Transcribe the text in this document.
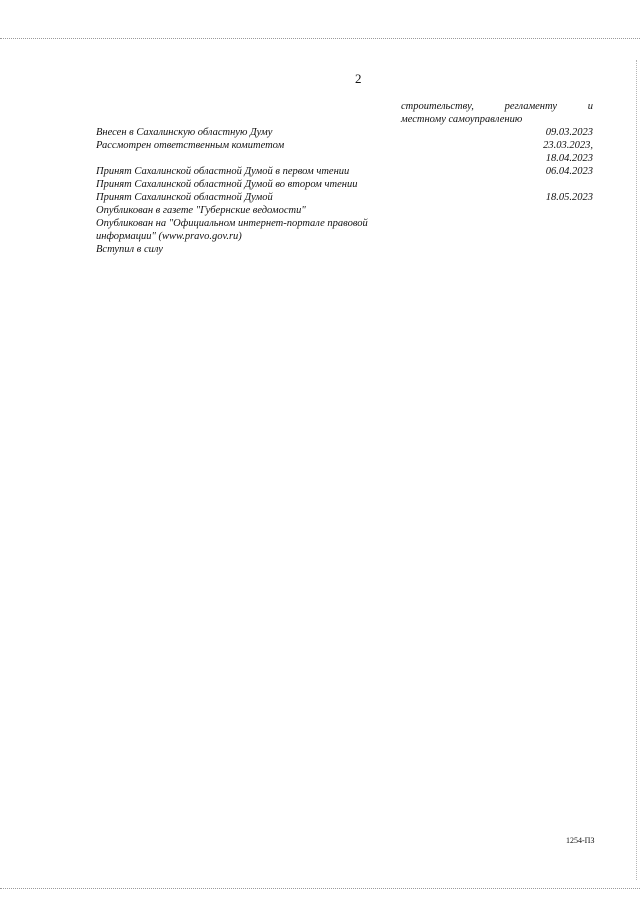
2
строительству,	регламенту	и
местному самоуправлению
Внесен в Сахалинскую областную Думу	09.03.2023
Рассмотрен ответственным комитетом	23.03.2023,
18.04.2023
Принят Сахалинской областной Думой в первом чтении	06.04.2023
Принят Сахалинской областной Думой во втором чтении
Принят Сахалинской областной Думой	18.05.2023
Опубликован в газете "Губернские ведомости"
Опубликован на "Официальном интернет-портале правовой информации" (www.pravo.gov.ru)
Вступил в силу
1254-ПЗ
